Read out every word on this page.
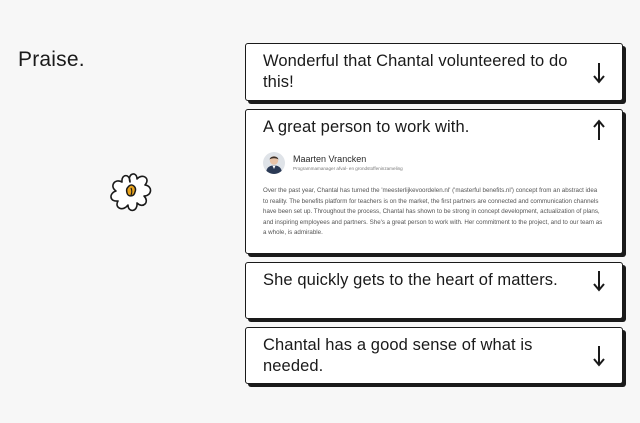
Praise.	Wonderful that Chantal volunteered to do this!
A great person to work with.
Maarten Vrancken
Programmamanager afval- en grondstoffeninzameling

Over the past year, Chantal has turned the 'meesterlijkevoordelen.nl' ('masterful benefits.nl') concept from an abstract idea to reality. The benefits platform for teachers is on the market, the first partners are connected and communication channels have been set up. Throughout the process, Chantal has shown to be strong in concept development, actualization of plans, and inspiring employees and partners. She's a great person to work with. Her commitment to the project, and to our team as a whole, is admirable.

She quickly gets to the heart of matters.
Chantal has a good sense of what is needed.
